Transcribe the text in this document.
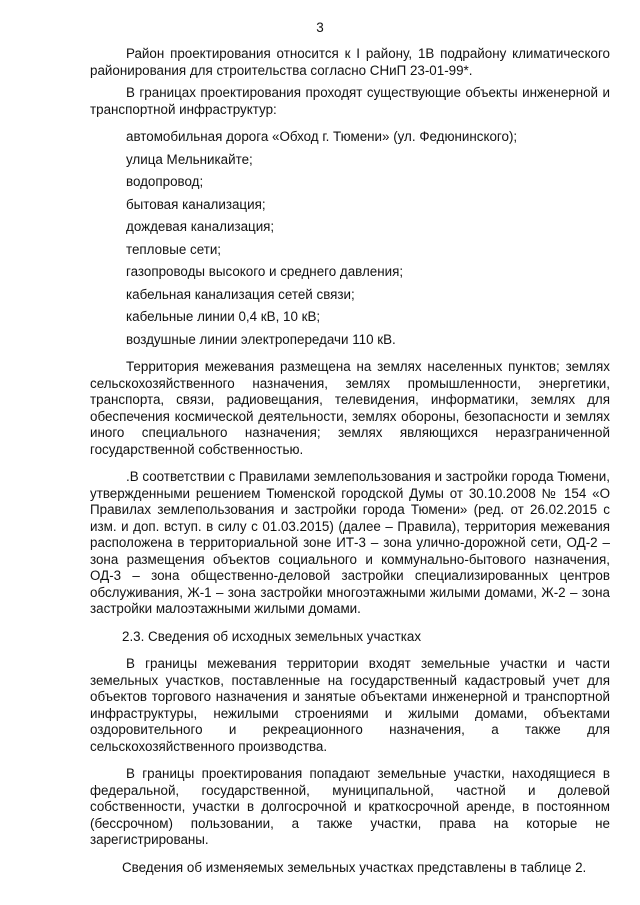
3

Район проектирования относится к I району, 1В подрайону климатического районирования для строительства согласно СНиП 23-01-99*.

В границах проектирования проходят существующие объекты инженерной и транспортной инфраструктур:

автомобильная дорога «Обход г. Тюмени» (ул. Федюнинского);

улица Мельникайте;

водопровод;

бытовая канализация;

дождевая канализация;

тепловые сети;

газопроводы высокого и среднего давления;

кабельная канализация сетей связи;

кабельные линии 0,4 кВ, 10 кВ;

воздушные линии электропередачи 110 кВ.

Территория межевания размещена на землях населенных пунктов; землях сельскохозяйственного назначения, землях промышленности, энергетики, транспорта, связи, радиовещания, телевидения, информатики, землях для обеспечения космической деятельности, землях обороны, безопасности и землях иного специального назначения; землях являющихся неразграниченной государственной собственностью.

.В соответствии с Правилами землепользования и застройки города Тюмени, утвержденными решением Тюменской городской Думы от 30.10.2008 № 154 «О Правилах землепользования и застройки города Тюмени» (ред. от 26.02.2015 с изм. и доп. вступ. в силу с 01.03.2015) (далее – Правила), территория межевания расположена в территориальной зоне ИТ-3 – зона улично-дорожной сети, ОД-2 – зона размещения объектов социального и коммунально-бытового назначения, ОД-3 – зона общественно-деловой застройки специализированных центров обслуживания, Ж-1 – зона застройки многоэтажными жилыми домами, Ж-2 – зона застройки малоэтажными жилыми домами.

2.3. Сведения об исходных земельных участках

В границы межевания территории входят земельные участки и части земельных участков, поставленные на государственный кадастровый учет для объектов торгового назначения и занятые объектами инженерной и транспортной инфраструктуры, нежилыми строениями и жилыми домами, объектами оздоровительного и рекреационного назначения, а также для сельскохозяйственного производства.

В границы проектирования попадают земельные участки, находящиеся в федеральной, государственной, муниципальной, частной и долевой собственности, участки в долгосрочной и краткосрочной аренде, в постоянном (бессрочном) пользовании, а также участки, права на которые не зарегистрированы.

Сведения об изменяемых земельных участках представлены в таблице 2.
